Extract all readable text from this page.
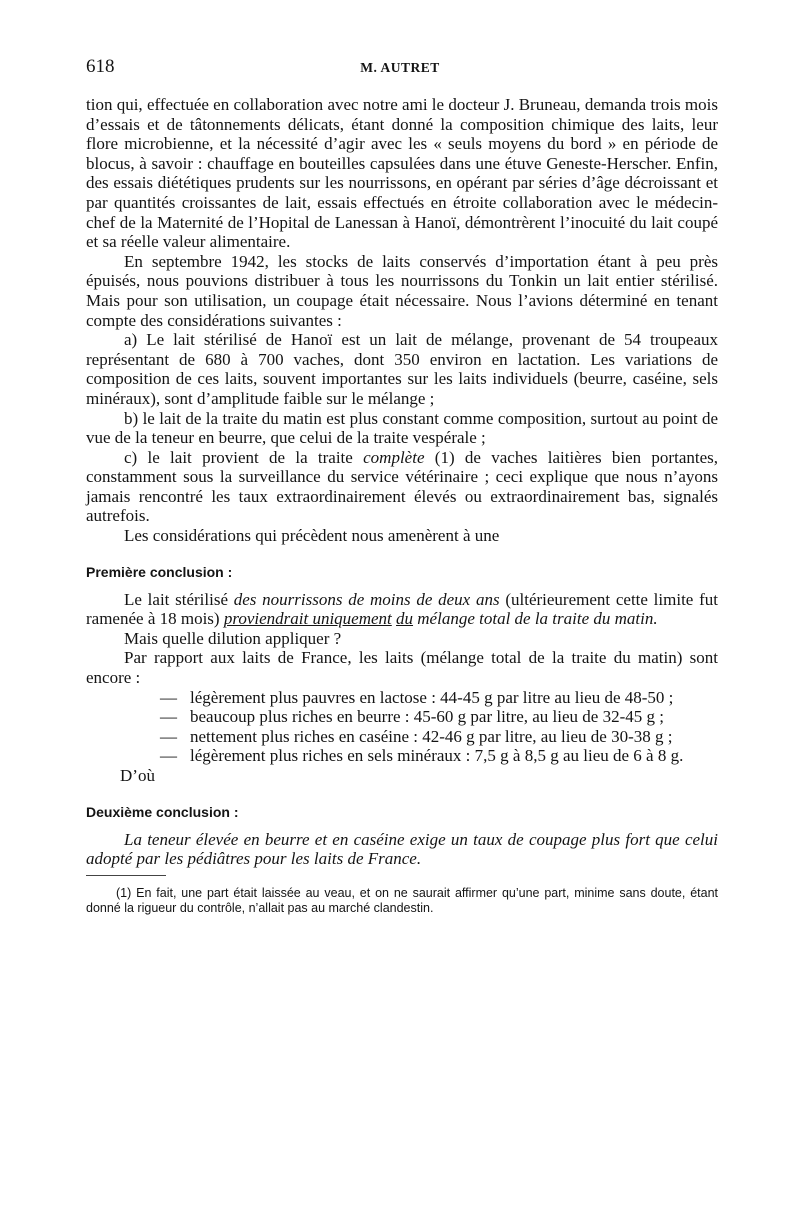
618	M. AUTRET

tion qui, effectuée en collaboration avec notre ami le docteur J. Bruneau, demanda trois mois d’essais et de tâtonnements délicats, étant donné la composition chimique des laits, leur flore microbienne, et la nécessité d’agir avec les « seuls moyens du bord » en période de blocus, à savoir : chauffage en bouteilles capsulées dans une étuve Geneste-Herscher. Enfin, des essais diététiques prudents sur les nourrissons, en opérant par séries d’âge décroissant et par quantités croissantes de lait, essais effectués en étroite collaboration avec le médecin-chef de la Maternité de l’Hopital de Lanessan à Hanoï, démontrèrent l’inocuité du lait coupé et sa réelle valeur alimentaire.

En septembre 1942, les stocks de laits conservés d’importation étant à peu près épuisés, nous pouvions distribuer à tous les nourrissons du Tonkin un lait entier stérilisé. Mais pour son utilisation, un coupage était nécessaire. Nous l’avions déterminé en tenant compte des considérations suivantes :

a) Le lait stérilisé de Hanoï est un lait de mélange, provenant de 54 troupeaux représentant de 680 à 700 vaches, dont 350 environ en lactation. Les variations de composition de ces laits, souvent importantes sur les laits individuels (beurre, caséine, sels minéraux), sont d’amplitude faible sur le mélange ;

b) le lait de la traite du matin est plus constant comme composition, surtout au point de vue de la teneur en beurre, que celui de la traite vespérale ;

c) le lait provient de la traite complète (1) de vaches laitières bien portantes, constamment sous la surveillance du service vétérinaire ; ceci explique que nous n’ayons jamais rencontré les taux extraordinairement élevés ou extraordinairement bas, signalés autrefois.

Les considérations qui précèdent nous amenèrent à une

Première conclusion :

Le lait stérilisé des nourrissons de moins de deux ans (ultérieurement cette limite fut ramenée à 18 mois) proviendrait uniquement du mélange total de la traite du matin.

Mais quelle dilution appliquer ?

Par rapport aux laits de France, les laits (mélange total de la traite du matin) sont encore :

— légèrement plus pauvres en lactose : 44-45 g par litre au lieu de 48-50 ;
— beaucoup plus riches en beurre : 45-60 g par litre, au lieu de 32-45 g ;
— nettement plus riches en caséine : 42-46 g par litre, au lieu de 30-38 g ;
— légèrement plus riches en sels minéraux : 7,5 g à 8,5 g au lieu de 6 à 8 g.

D’où

Deuxième conclusion :

La teneur élevée en beurre et en caséine exige un taux de coupage plus fort que celui adopté par les pédiâtres pour les laits de France.

(1) En fait, une part était laissée au veau, et on ne saurait affirmer qu’une part, minime sans doute, étant donné la rigueur du contrôle, n’allait pas au marché clandestin.
